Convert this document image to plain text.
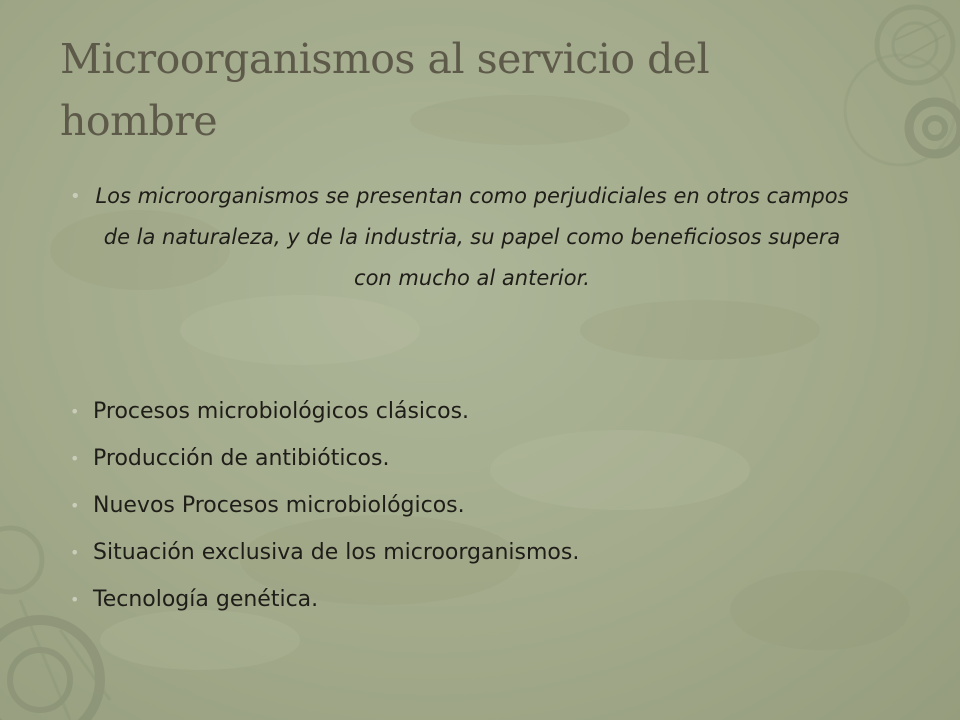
Microorganismos al servicio del hombre
• Los microorganismos se presentan como perjudiciales en otros campos de la naturaleza, y de la industria, su papel como beneficiosos supera con mucho al anterior.
• Procesos microbiológicos clásicos.
• Producción de antibióticos.
• Nuevos Procesos microbiológicos.
• Situación exclusiva de los microorganismos.
• Tecnología genética.
